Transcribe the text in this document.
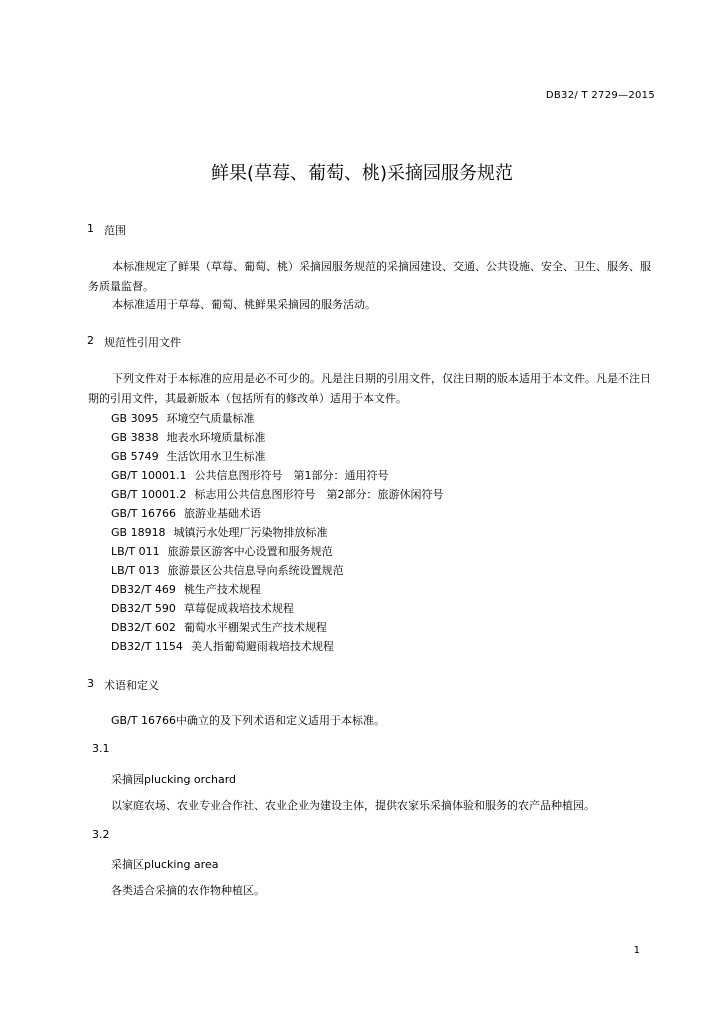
DB32/ T 2729—2015
鲜果(草莓、葡萄、桃)采摘园服务规范
1 范围
本标准规定了鲜果（草莓、葡萄、桃）采摘园服务规范的采摘园建设、交通、公共设施、安全、卫生、服务、服务质量监督。
本标准适用于草莓、葡萄、桃鲜果采摘园的服务活动。
2 规范性引用文件
下列文件对于本标准的应用是必不可少的。凡是注日期的引用文件，仅注日期的版本适用于本文件。凡是不注日期的引用文件，其最新版本（包括所有的修改单）适用于本文件。
GB 3095 环境空气质量标准
GB 3838 地表水环境质量标准
GB 5749 生活饮用水卫生标准
GB/T 10001.1 公共信息图形符号　第1部分：通用符号
GB/T 10001.2 标志用公共信息图形符号　第2部分：旅游休闲符号
GB/T 16766 旅游业基础术语
GB 18918 城镇污水处理厂污染物排放标准
LB/T 011 旅游景区游客中心设置和服务规范
LB/T 013 旅游景区公共信息导向系统设置规范
DB32/T 469 桃生产技术规程
DB32/T 590 草莓促成栽培技术规程
DB32/T 602 葡萄水平棚架式生产技术规程
DB32/T 1154 美人指葡萄避雨栽培技术规程
3 术语和定义
GB/T 16766中确立的及下列术语和定义适用于本标准。
3.1
采摘园plucking orchard
以家庭农场、农业专业合作社、农业企业为建设主体，提供农家乐采摘体验和服务的农产品种植园。
3.2
采摘区plucking area
各类适合采摘的农作物种植区。
1
